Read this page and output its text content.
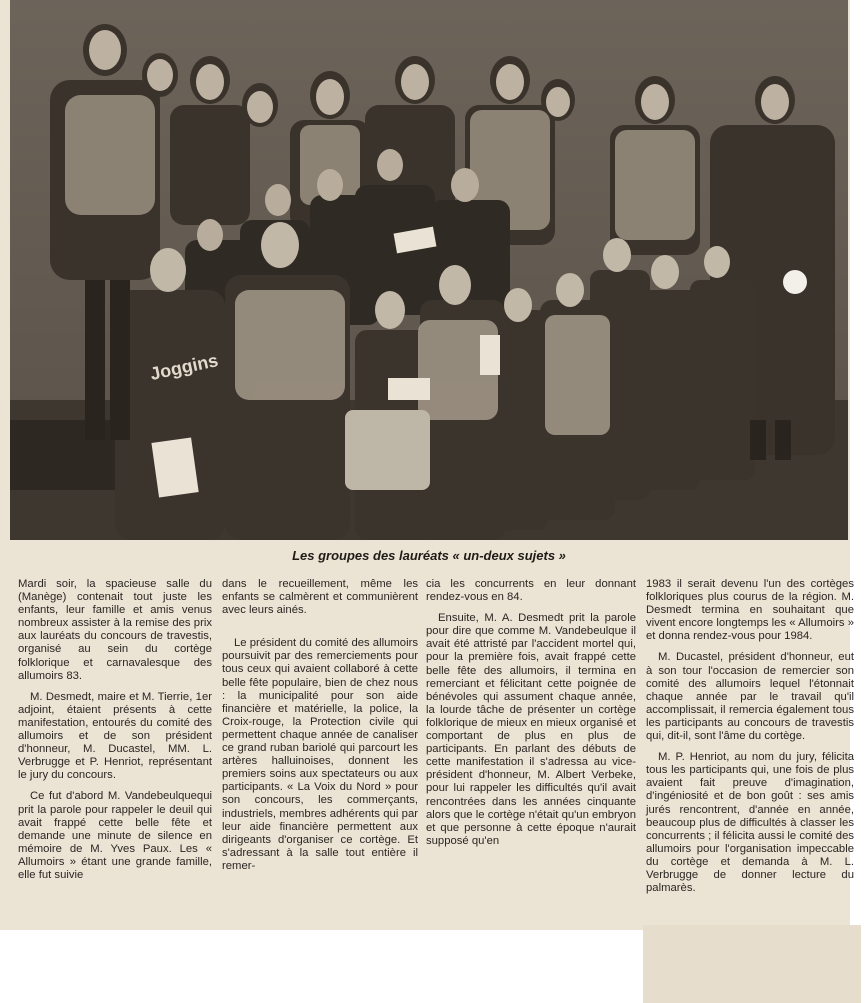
Joggins
Les groupes des lauréats « un-deux sujets »

Mardi soir, la spacieuse salle du (Manège) contenait tout juste les enfants, leur famille et amis venus nombreux assister à la remise des prix aux lauréats du concours de travestis, organisé au sein du cortège folklorique et carnavalesque des allumoirs 83.

M. Desmedt, maire et M. Tierrie, 1er adjoint, étaient présents à cette manifestation, entourés du comité des allumoirs et de son président d'honneur, M. Ducastel, MM. L. Verbrugge et P. Henriot, représentant le jury du concours.

Ce fut d'abord M. Vandebeulquequi prit la parole pour rappeler le deuil qui avait frappé cette belle fête et demande une minute de silence en mémoire de M. Yves Paux. Les « Allumoirs » étant une grande famille, elle fut suivie

dans le recueillement, même les enfants se calmèrent et communièrent avec leurs ainés.

Le président du comité des allumoirs poursuivit par des remerciements pour tous ceux qui avaient collaboré à cette belle fête populaire, bien de chez nous : la municipalité pour son aide financière et matérielle, la police, la Croix-rouge, la Protection civile qui permettent chaque année de canaliser ce grand ruban bariolé qui parcourt les artères halluinoises, donnent les premiers soins aux spectateurs ou aux participants. « La Voix du Nord » pour son concours, les commerçants, industriels, membres adhérents qui par leur aide financière permettent aux dirigeants d'organiser ce cortège. Et s'adressant à la salle tout entière il remer-

cia les concurrents en leur donnant rendez-vous en 84.

Ensuite, M. A. Desmedt prit la parole pour dire que comme M. Vandebeulque il avait été attristé par l'accident mortel qui, pour la première fois, avait frappé cette belle fête des allumoirs, il termina en remerciant et félicitant cette poignée de bénévoles qui assument chaque année, la lourde tâche de présenter un cortège folklorique de mieux en mieux organisé et comportant de plus en plus de participants. En parlant des débuts de cette manifestation il s'adressa au vice-président d'honneur, M. Albert Verbeke, pour lui rappeler les difficultés qu'il avait rencontrées dans les années cinquante alors que le cortège n'était qu'un embryon et que personne à cette époque n'aurait supposé qu'en

1983 il serait devenu l'un des cortèges folkloriques plus courus de la région. M. Desmedt termina en souhaitant que vivent encore longtemps les « Allumoirs » et donna rendez-vous pour 1984.

M. Ducastel, président d'honneur, eut à son tour l'occasion de remercier son comité des allumoirs lequel l'étonnait chaque année par le travail qu'il accomplissait, il remercia également tous les participants au concours de travestis qui, dit-il, sont l'âme du cortège.

M. P. Henriot, au nom du jury, félicita tous les participants qui, une fois de plus avaient fait preuve d'imagination, d'ingéniosité et de bon goût : ses amis jurés rencontrent, d'année en année, beaucoup plus de difficultés à classer les concurrents ; il félicita aussi le comité des allumoirs pour l'organisation impeccable du cortège et demanda à M. L. Verbrugge de donner lecture du palmarès.
